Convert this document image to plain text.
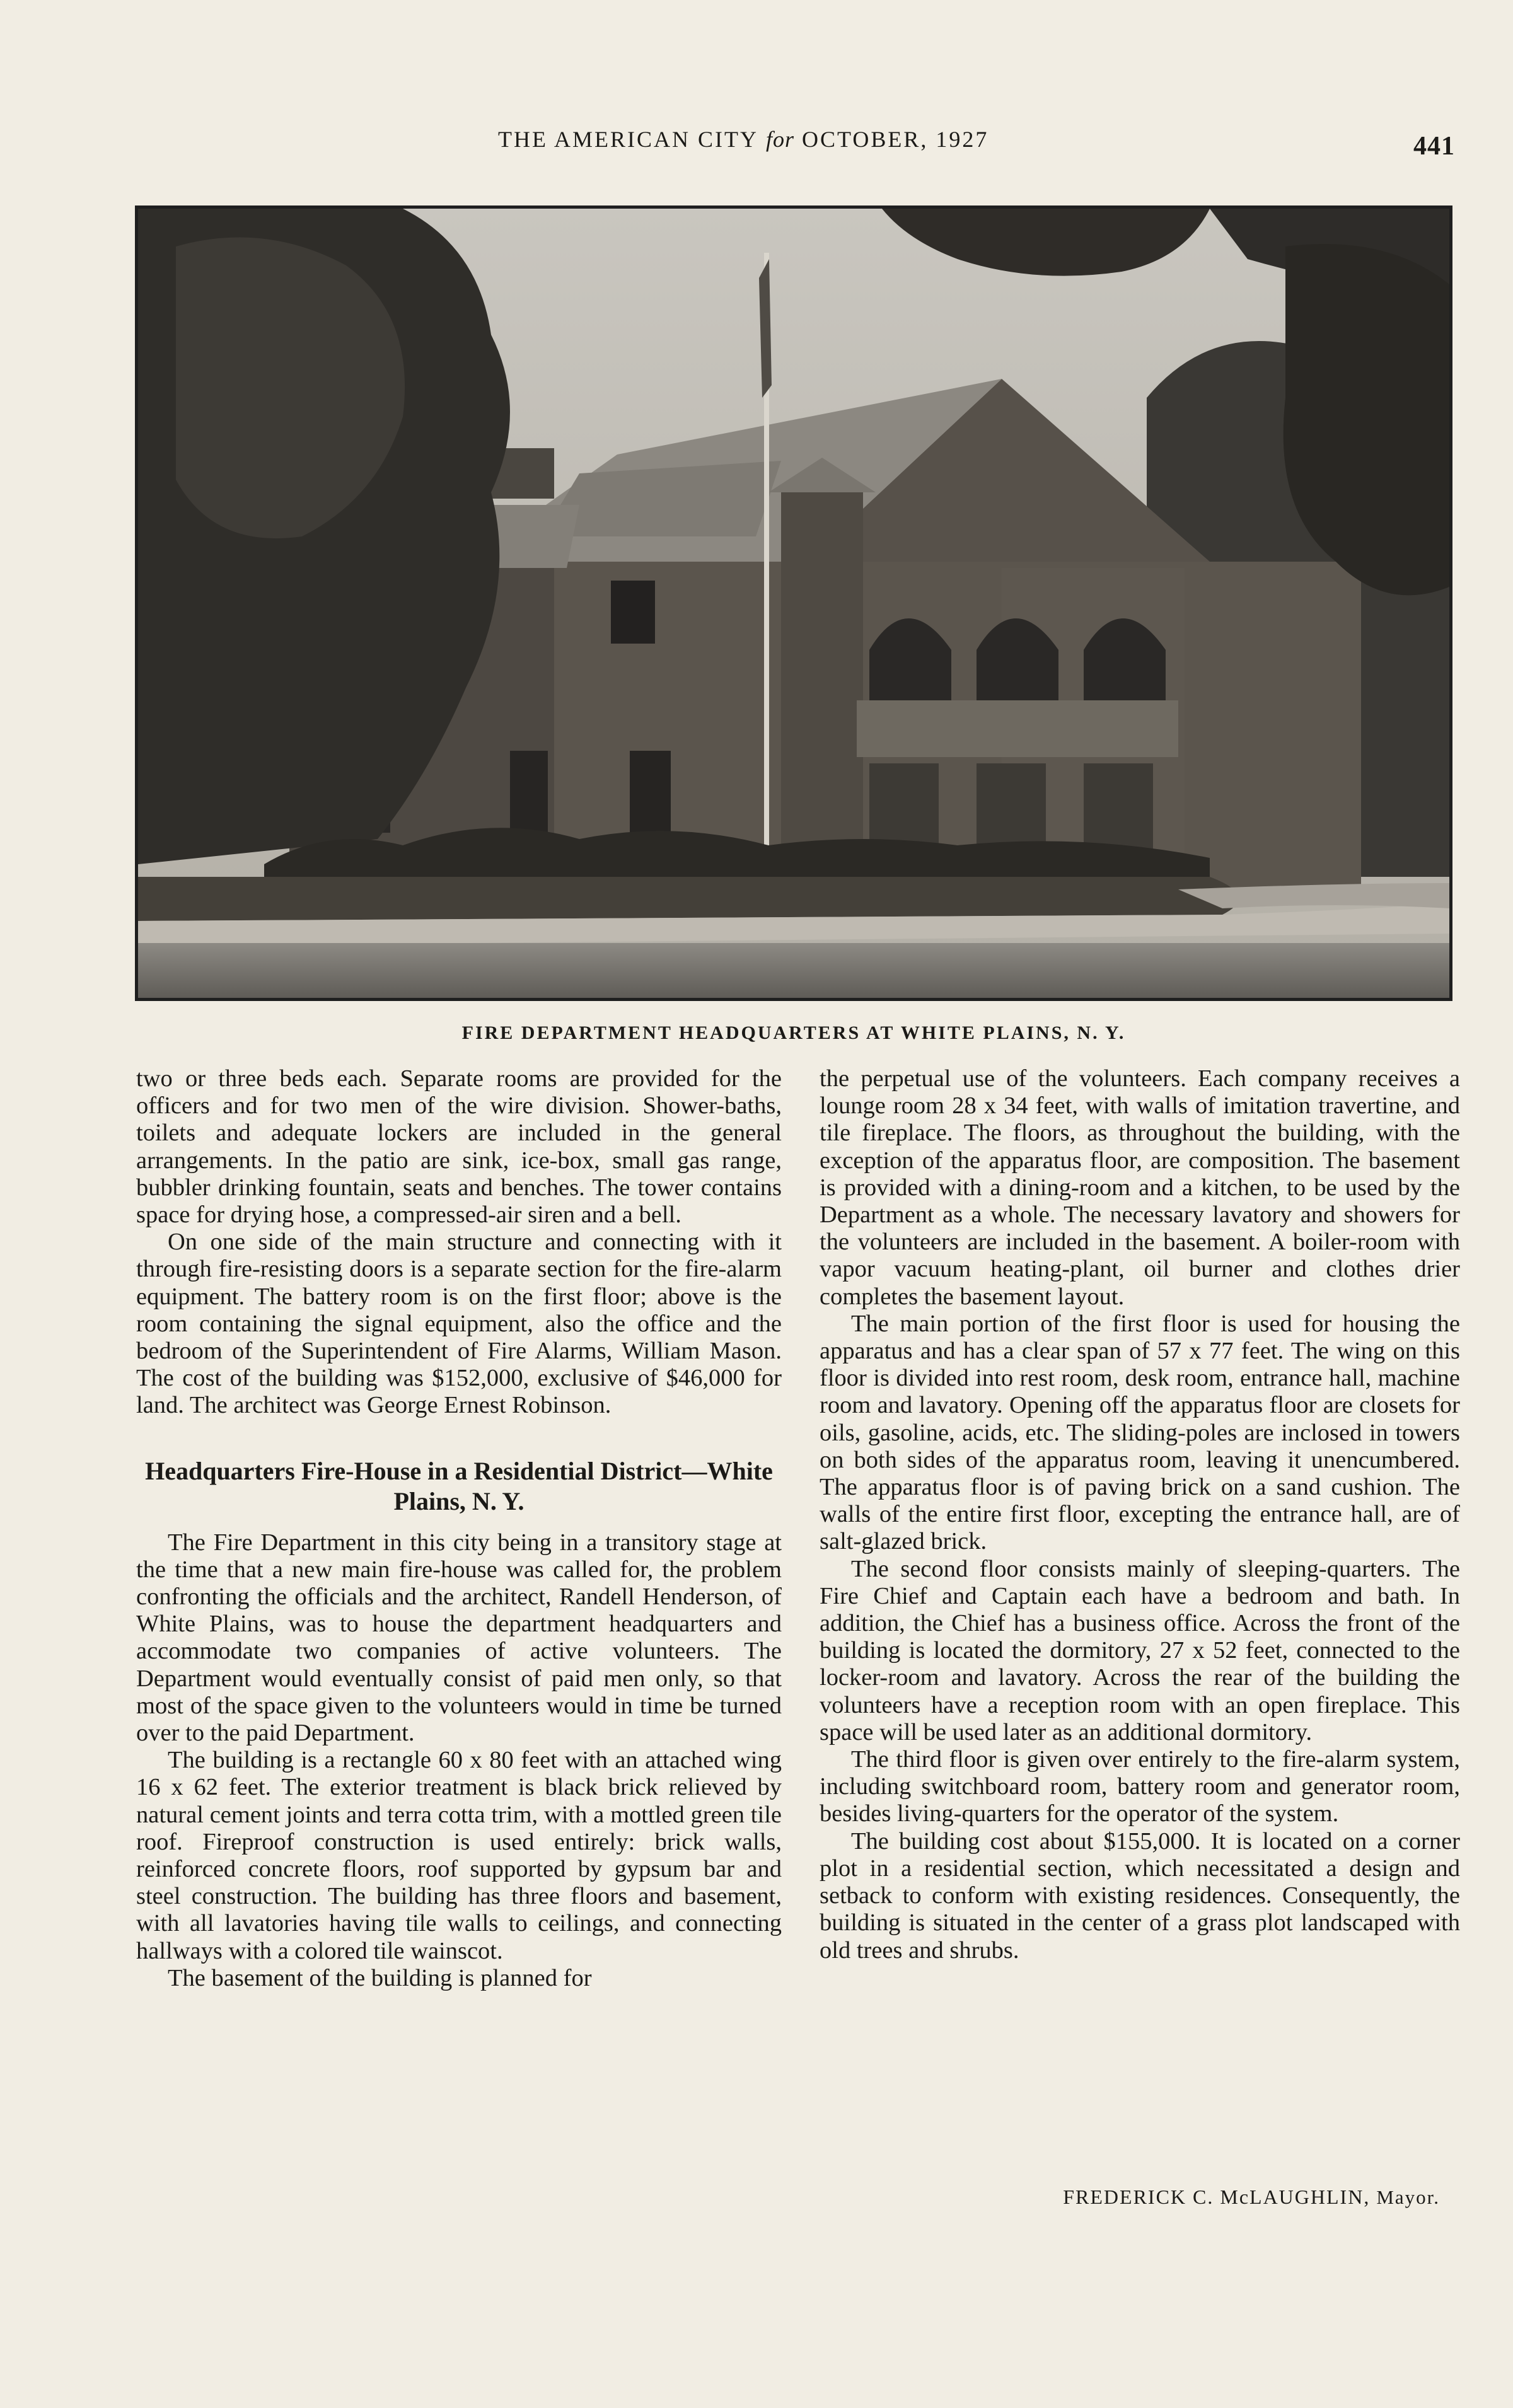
THE AMERICAN CITY for OCTOBER, 1927	441
FIRE DEPARTMENT HEADQUARTERS AT WHITE PLAINS, N. Y.

two or three beds each. Separate rooms are provided for the officers and for two men of the wire division. Shower-baths, toilets and adequate lockers are included in the general arrangements. In the patio are sink, ice-box, small gas range, bubbler drinking fountain, seats and benches. The tower contains space for drying hose, a compressed-air siren and a bell.

On one side of the main structure and connecting with it through fire-resisting doors is a separate section for the fire-alarm equipment. The battery room is on the first floor; above is the room containing the signal equipment, also the office and the bedroom of the Superintendent of Fire Alarms, William Mason. The cost of the building was $152,000, exclusive of $46,000 for land. The architect was George Ernest Robinson.

Headquarters Fire-House in a Residential District—White Plains, N. Y.

The Fire Department in this city being in a transitory stage at the time that a new main fire-house was called for, the problem confronting the officials and the architect, Randell Henderson, of White Plains, was to house the department headquarters and accommodate two companies of active volunteers. The Department would eventually consist of paid men only, so that most of the space given to the volunteers would in time be turned over to the paid Department.

The building is a rectangle 60 x 80 feet with an attached wing 16 x 62 feet. The exterior treatment is black brick relieved by natural cement joints and terra cotta trim, with a mottled green tile roof. Fireproof construction is used entirely: brick walls, reinforced concrete floors, roof supported by gypsum bar and steel construction. The building has three floors and basement, with all lavatories having tile walls to ceilings, and connecting hallways with a colored tile wainscot.

The basement of the building is planned for

the perpetual use of the volunteers. Each company receives a lounge room 28 x 34 feet, with walls of imitation travertine, and tile fireplace. The floors, as throughout the building, with the exception of the apparatus floor, are composition. The basement is provided with a dining-room and a kitchen, to be used by the Department as a whole. The necessary lavatory and showers for the volunteers are included in the basement. A boiler-room with vapor vacuum heating-plant, oil burner and clothes drier completes the basement layout.

The main portion of the first floor is used for housing the apparatus and has a clear span of 57 x 77 feet. The wing on this floor is divided into rest room, desk room, entrance hall, machine room and lavatory. Opening off the apparatus floor are closets for oils, gasoline, acids, etc. The sliding-poles are inclosed in towers on both sides of the apparatus room, leaving it unencumbered. The apparatus floor is of paving brick on a sand cushion. The walls of the entire first floor, excepting the entrance hall, are of salt-glazed brick.

The second floor consists mainly of sleeping-quarters. The Fire Chief and Captain each have a bedroom and bath. In addition, the Chief has a business office. Across the front of the building is located the dormitory, 27 x 52 feet, connected to the locker-room and lavatory. Across the rear of the building the volunteers have a reception room with an open fireplace. This space will be used later as an additional dormitory.

The third floor is given over entirely to the fire-alarm system, including switchboard room, battery room and generator room, besides living-quarters for the operator of the system.

The building cost about $155,000. It is located on a corner plot in a residential section, which necessitated a design and setback to conform with existing residences. Consequently, the building is situated in the center of a grass plot landscaped with old trees and shrubs.

FREDERICK C. McLAUGHLIN, Mayor.
